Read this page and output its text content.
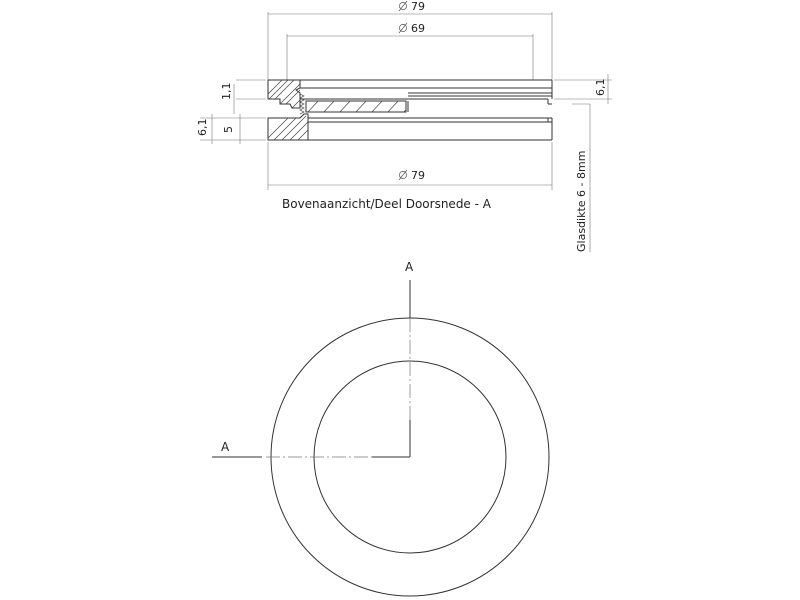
79
69
6,1
1,1
6,1 5
79	Glasdikte 6 - 8mm
Bovenaanzicht/Deel Doorsnede - A
A
A
